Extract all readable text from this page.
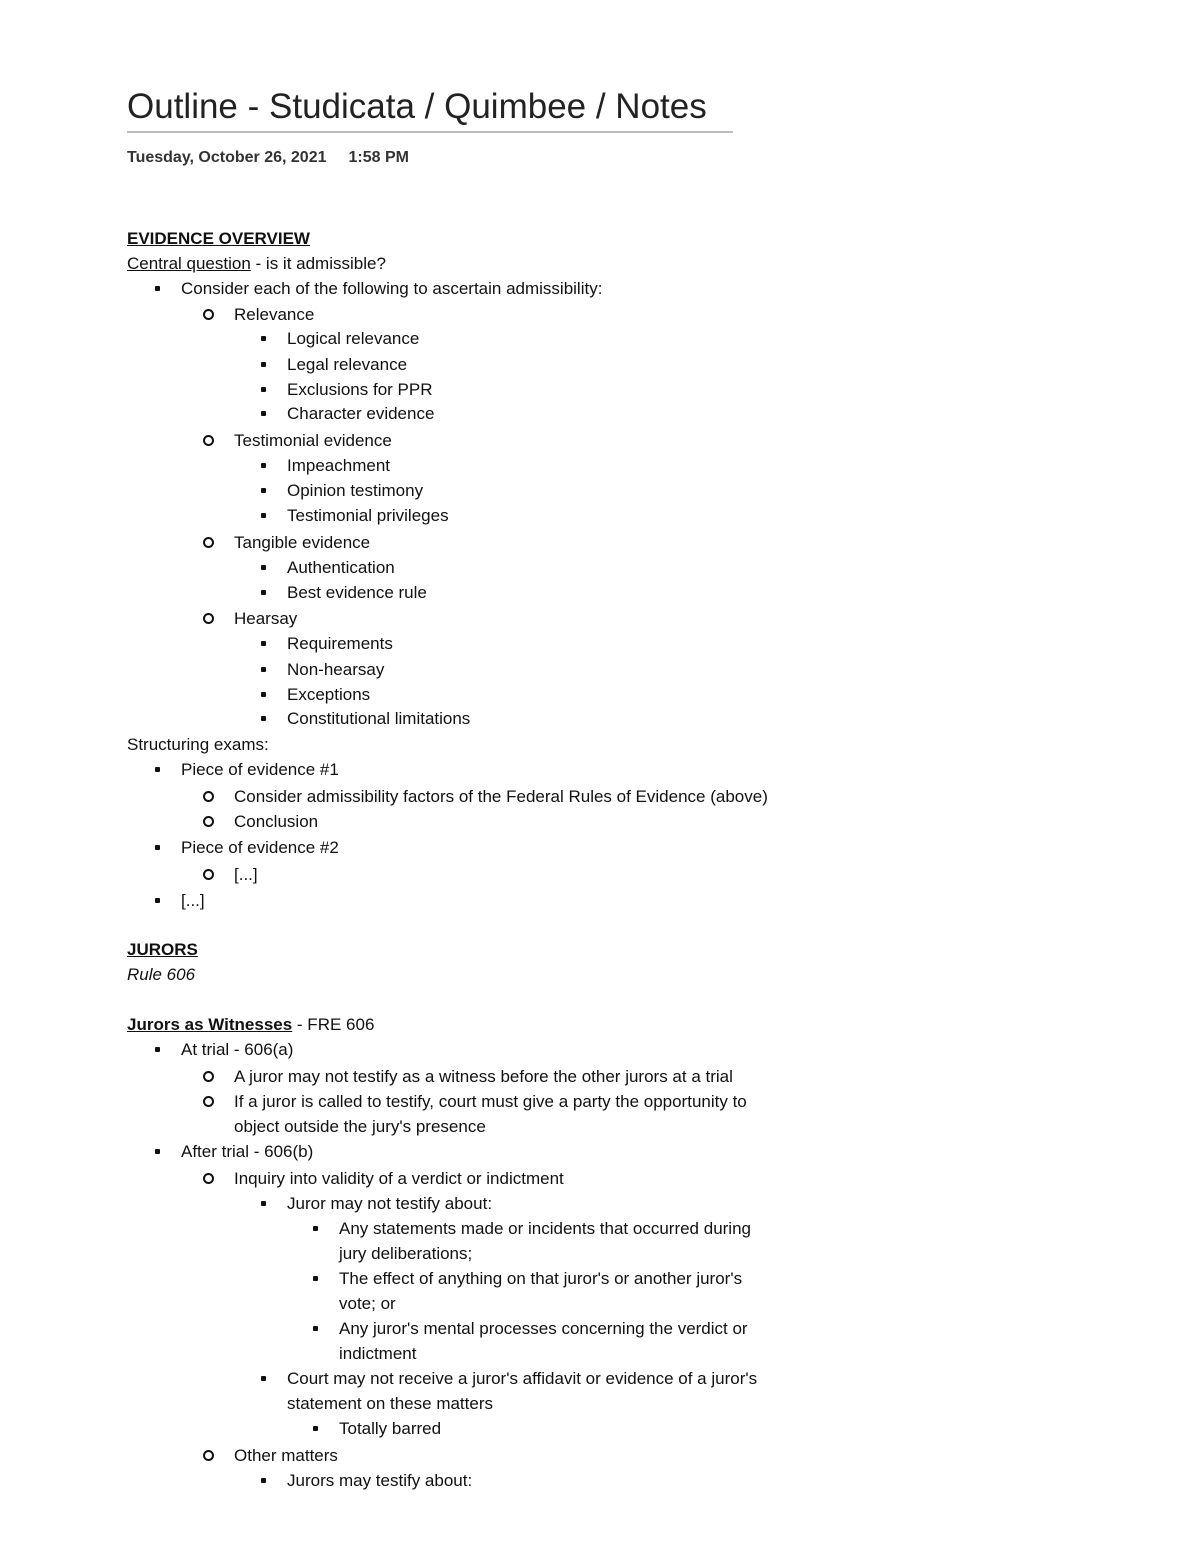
Outline - Studicata / Quimbee / Notes
Tuesday, October 26, 2021 1:58 PM
EVIDENCE OVERVIEW
Central question - is it admissible?
Consider each of the following to ascertain admissibility:
Relevance
Logical relevance
Legal relevance
Exclusions for PPR
Character evidence
Testimonial evidence
Impeachment
Opinion testimony
Testimonial privileges
Tangible evidence
Authentication
Best evidence rule
Hearsay
Requirements
Non-hearsay
Exceptions
Constitutional limitations
Structuring exams:
Piece of evidence #1
Consider admissibility factors of the Federal Rules of Evidence (above)
Conclusion
Piece of evidence #2
[...]
[...]
JURORS
Rule 606
Jurors as Witnesses - FRE 606
At trial - 606(a)
A juror may not testify as a witness before the other jurors at a trial
If a juror is called to testify, court must give a party the opportunity to
object outside the jury's presence
After trial - 606(b)
Inquiry into validity of a verdict or indictment
Juror may not testify about:
Any statements made or incidents that occurred during
jury deliberations;
The effect of anything on that juror's or another juror's
vote; or
Any juror's mental processes concerning the verdict or
indictment
Court may not receive a juror's affidavit or evidence of a juror's
statement on these matters
Totally barred
Other matters
Jurors may testify about:
